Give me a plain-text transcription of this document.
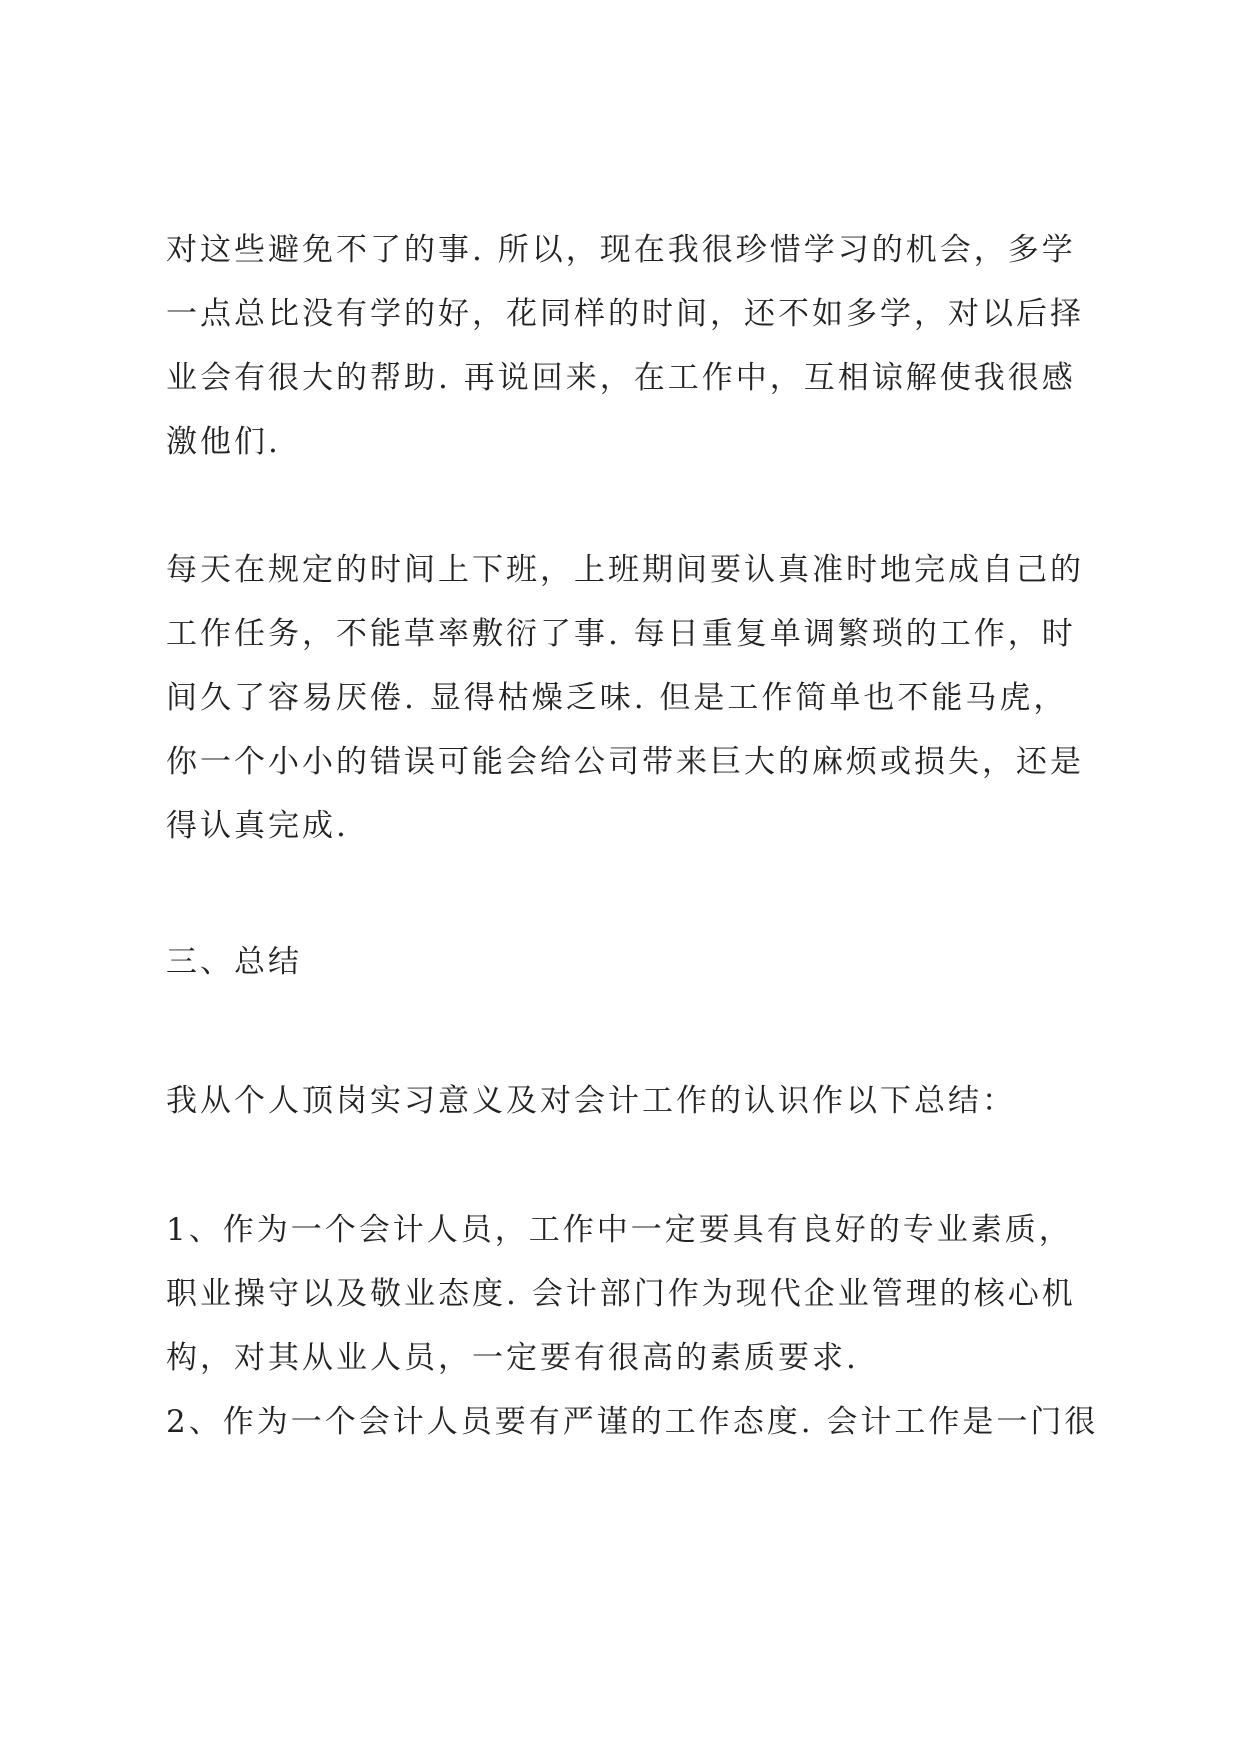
对这些避免不了的事. 所以，现在我很珍惜学习的机会，多学一点总比没有学的好，花同样的时间，还不如多学，对以后择业会有很大的帮助. 再说回来，在工作中，互相谅解使我很感激他们.

每天在规定的时间上下班，上班期间要认真准时地完成自己的工作任务，不能草率敷衍了事. 每日重复单调繁琐的工作，时间久了容易厌倦. 显得枯燥乏味. 但是工作简单也不能马虎，你一个小小的错误可能会给公司带来巨大的麻烦或损失，还是得认真完成.

三、总结

我从个人顶岗实习意义及对会计工作的认识作以下总结：

1、作为一个会计人员，工作中一定要具有良好的专业素质，职业操守以及敬业态度. 会计部门作为现代企业管理的核心机构，对其从业人员，一定要有很高的素质要求.

2、作为一个会计人员要有严谨的工作态度. 会计工作是一门很
